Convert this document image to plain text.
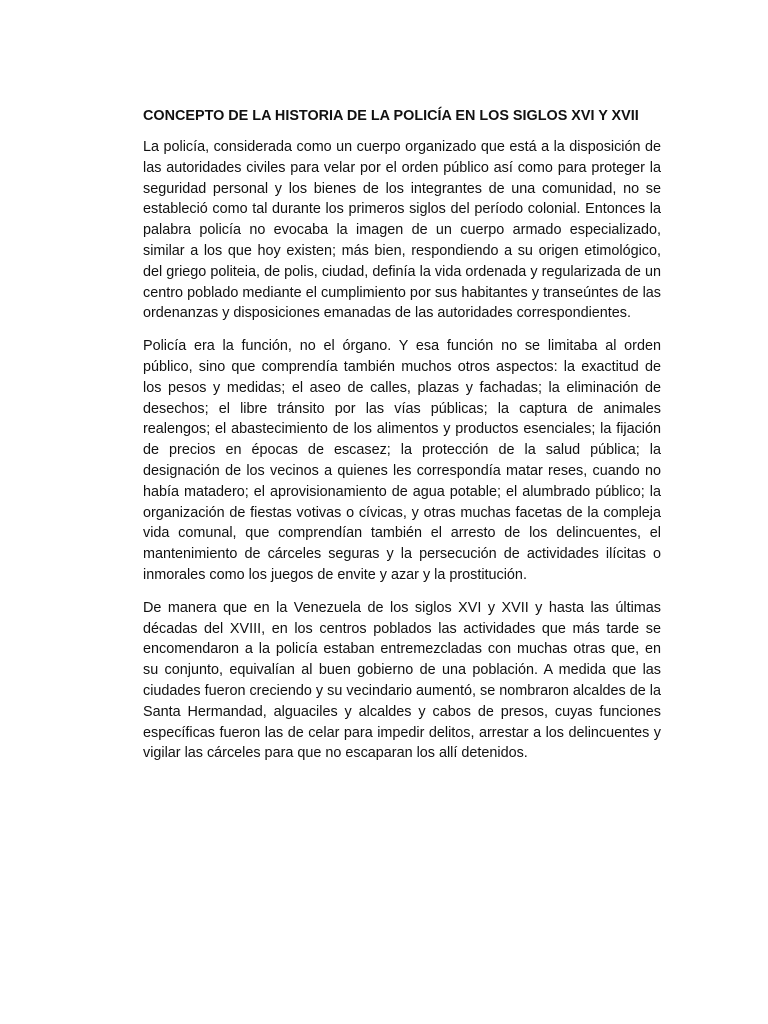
CONCEPTO DE LA HISTORIA DE LA POLICÍA EN LOS SIGLOS XVI Y XVII

La policía, considerada como un cuerpo organizado que está a la disposición de las autoridades civiles para velar por el orden público así como para proteger la seguridad personal y los bienes de los integrantes de una comunidad, no se estableció como tal durante los primeros siglos del período colonial. Entonces la palabra policía no evocaba la imagen de un cuerpo armado especializado, similar a los que hoy existen; más bien, respondiendo a su origen etimológico, del griego politeia, de polis, ciudad, definía la vida ordenada y regularizada de un centro poblado mediante el cumplimiento por sus habitantes y transeúntes de las ordenanzas y disposiciones emanadas de las autoridades correspondientes.

Policía era la función, no el órgano. Y esa función no se limitaba al orden público, sino que comprendía también muchos otros aspectos: la exactitud de los pesos y medidas; el aseo de calles, plazas y fachadas; la eliminación de desechos; el libre tránsito por las vías públicas; la captura de animales realengos; el abastecimiento de los alimentos y productos esenciales; la fijación de precios en épocas de escasez; la protección de la salud pública; la designación de los vecinos a quienes les correspondía matar reses, cuando no había matadero; el aprovisionamiento de agua potable; el alumbrado público; la organización de fiestas votivas o cívicas, y otras muchas facetas de la compleja vida comunal, que comprendían también el arresto de los delincuentes, el mantenimiento de cárceles seguras y la persecución de actividades ilícitas o inmorales como los juegos de envite y azar y la prostitución.

De manera que en la Venezuela de los siglos XVI y XVII y hasta las últimas décadas del XVIII, en los centros poblados las actividades que más tarde se encomendaron a la policía estaban entremezcladas con muchas otras que, en su conjunto, equivalían al buen gobierno de una población. A medida que las ciudades fueron creciendo y su vecindario aumentó, se nombraron alcaldes de la Santa Hermandad, alguaciles y alcaldes y cabos de presos, cuyas funciones específicas fueron las de celar para impedir delitos, arrestar a los delincuentes y vigilar las cárceles para que no escaparan los allí detenidos.
